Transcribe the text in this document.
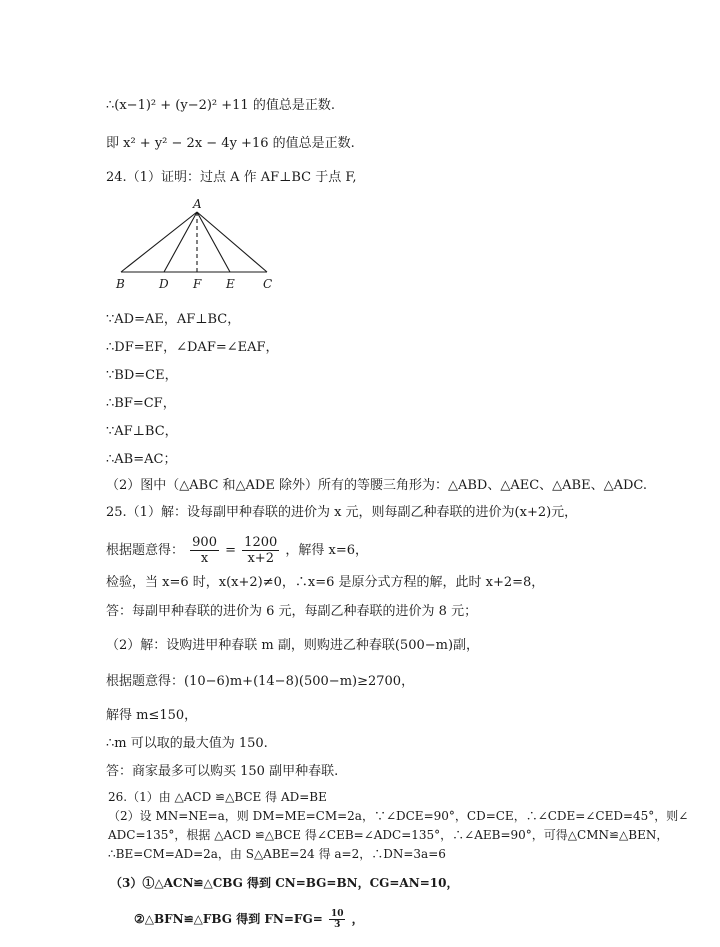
∴(x−1)² + (y−2)² +11 的值总是正数.
即 x² + y² − 2x − 4y +16 的值总是正数.
24.（1）证明：过点 A 作 AF⊥BC 于点 F,
A
B	D F E C
∵AD=AE，AF⊥BC，
∴DF=EF，∠DAF=∠EAF，
∵BD=CE，
∴BF=CF，
∵AF⊥BC，
∴AB=AC；
（2）图中（△ABC 和△ADE 除外）所有的等腰三角形为：△ABD、△AEC、△ABE、△ADC.
25.（1）解：设每副甲种春联的进价为 x 元，则每副乙种春联的进价为(x+2)元，
根据题意得： $\frac{900}{x} = \frac{1200}{x+2}$ ，解得 x=6，
检验，当 x=6 时，x(x+2)≠0，∴x=6 是原分式方程的解，此时 x+2=8，
答：每副甲种春联的进价为 6 元，每副乙种春联的进价为 8 元；
（2）解：设购进甲种春联 m 副，则购进乙种春联(500−m)副，
根据题意得：(10−6)m+(14−8)(500−m)≥2700，
解得 m≤150，
∴m 可以取的最大值为 150.
答：商家最多可以购买 150 副甲种春联.
26.（1）由 △ACD ≌△BCE 得 AD=BE
（2）设 MN=NE=a，则 DM=ME=CM=2a，∵∠DCE=90°，CD=CE，∴∠CDE=∠CED=45°，则∠
ADC=135°，根据 △ACD ≌△BCE 得∠CEB=∠ADC=135°，∴∠AEB=90°，可得△CMN≌△BEN，
∴BE=CM=AD=2a，由 S△ABE=24 得 a=2，∴DN=3a=6
（3）①△ACN≌△CBG 得到 CN=BG=BN，CG=AN=10，
②△BFN≌△FBG 得到 $FN=FG= \frac{10}{3}$ ，
